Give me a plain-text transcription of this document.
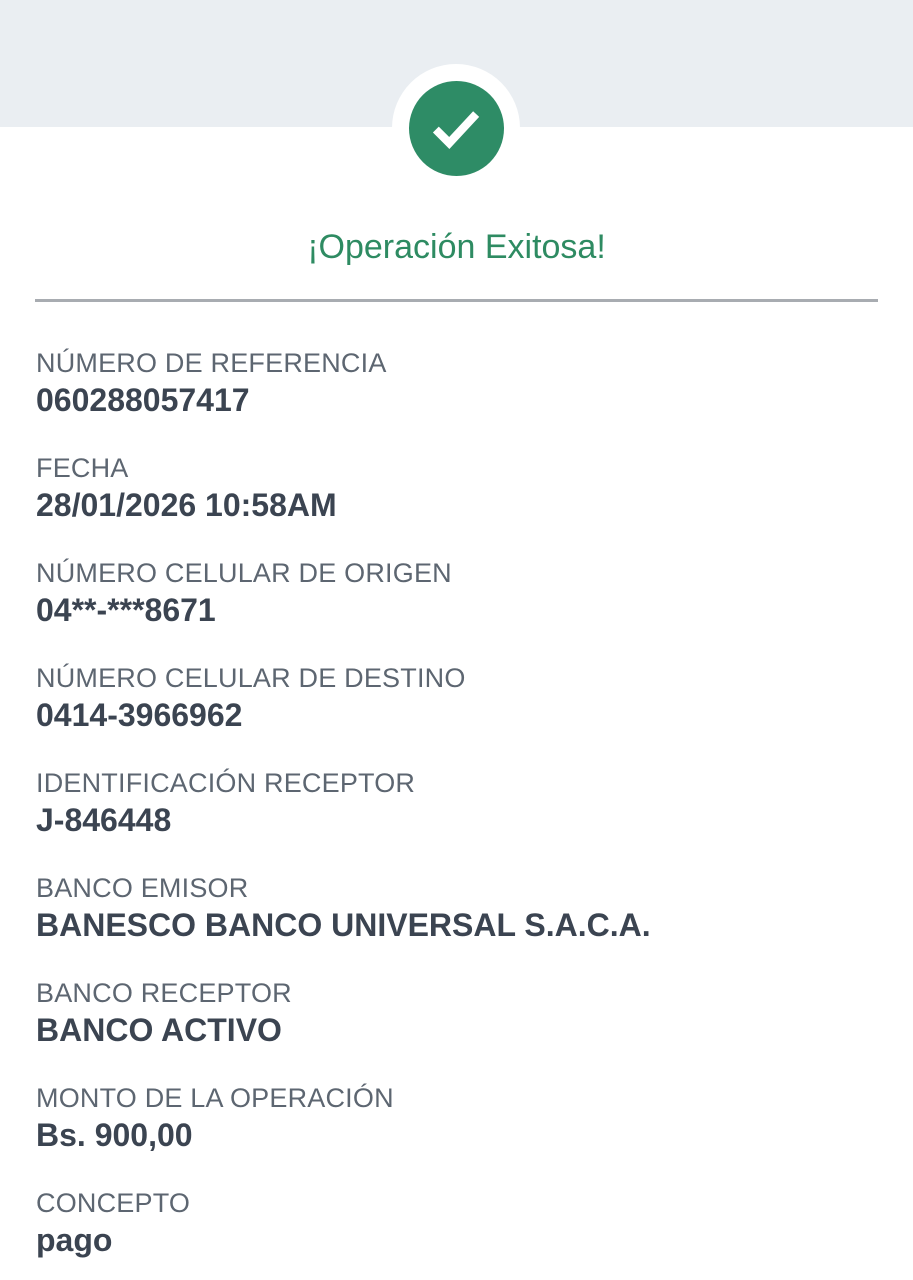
¡Operación Exitosa!
NÚMERO DE REFERENCIA
060288057417
FECHA
28/01/2026 10:58AM
NÚMERO CELULAR DE ORIGEN
04**-***8671
NÚMERO CELULAR DE DESTINO
0414-3966962
IDENTIFICACIÓN RECEPTOR
J-846448
BANCO EMISOR
BANESCO BANCO UNIVERSAL S.A.C.A.
BANCO RECEPTOR
BANCO ACTIVO
MONTO DE LA OPERACIÓN
Bs. 900,00
CONCEPTO
pago
